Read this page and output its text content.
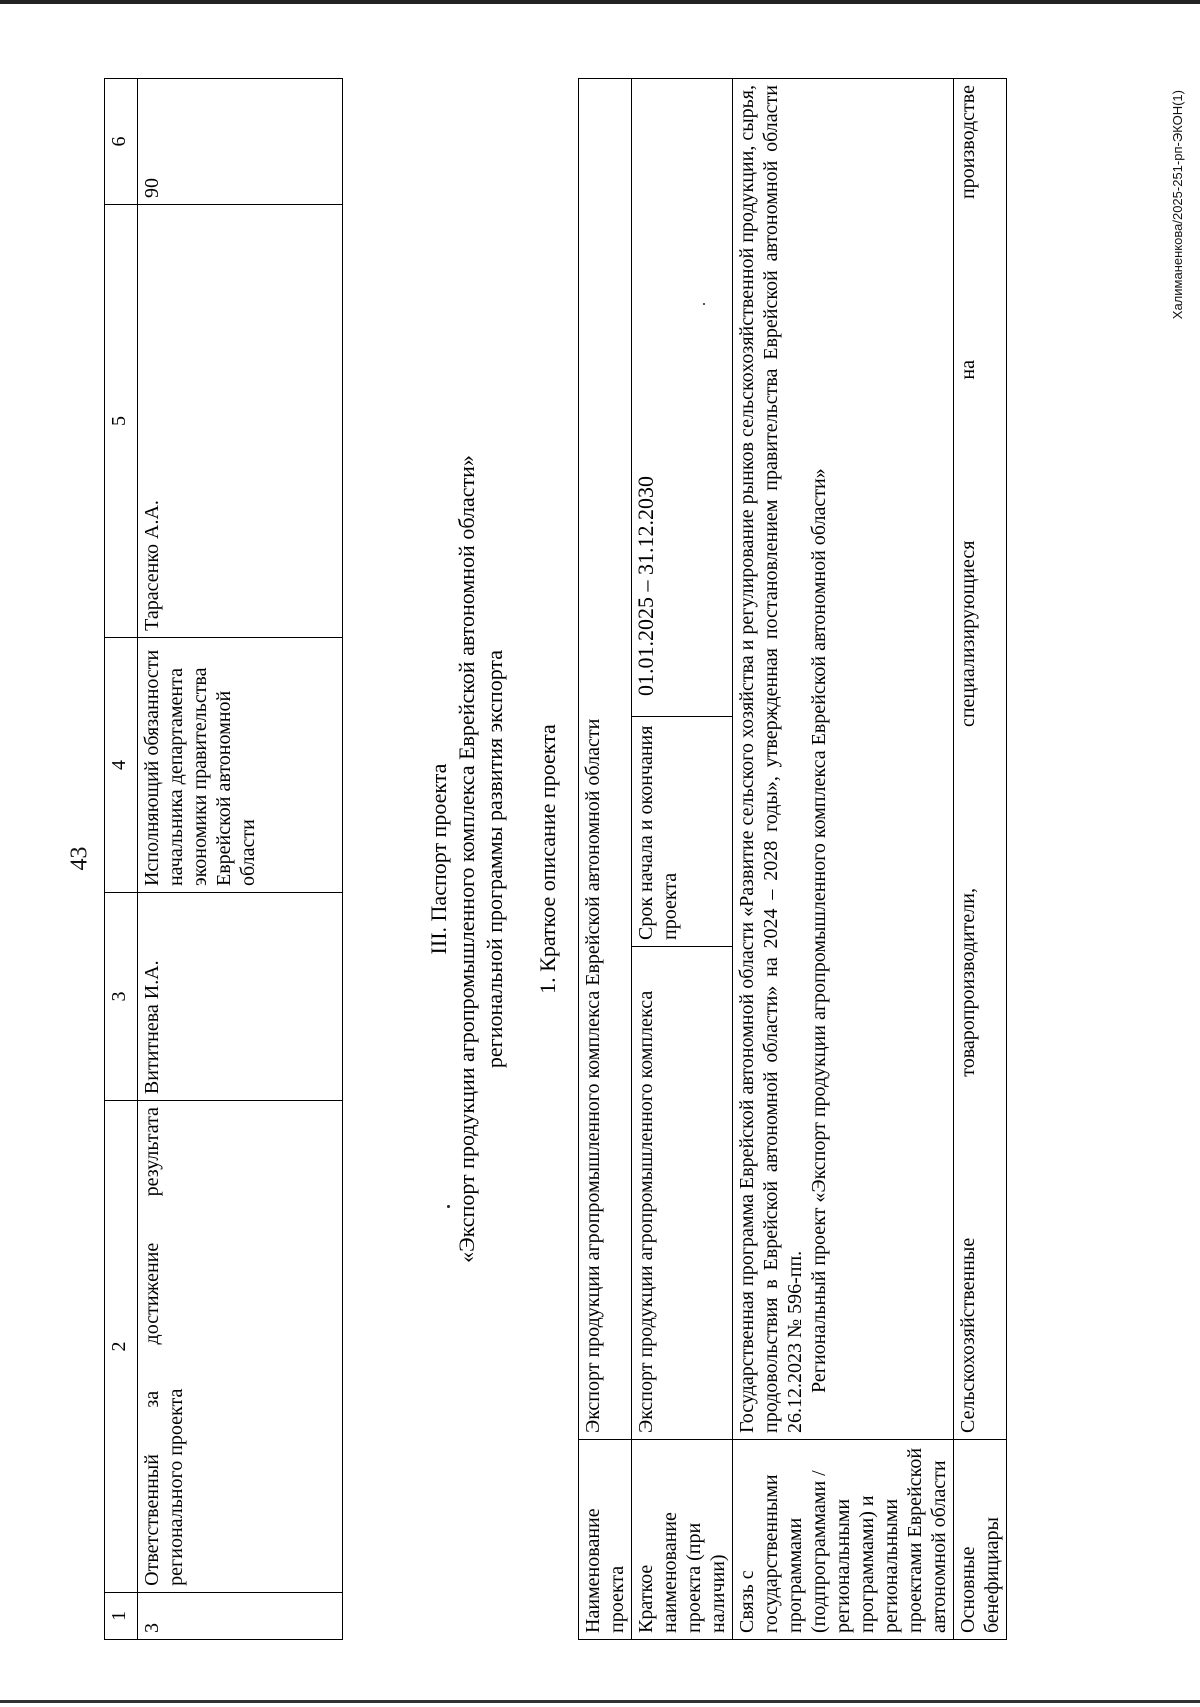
43
1	2	3	4	5	6
3	Ответственный за достижение результата регионального проекта	Вититнева И.А.	Исполняющий обязанности начальника департамента экономики правительства Еврейской автономной области	Тарасенко А.А.	90
III. Паспорт проекта «Экспорт продукции агропромышленного комплекса Еврейской автономной области» региональной программы развития экспорта 1. Краткое описание проекта
Наименование проекта	Экспорт продукции агропромышленного комплекса Еврейской автономной области		
Краткое наименование проекта (при наличии)	Экспорт продукции агропромышленного комплекса	Срок начала и окончания проекта	01.01.2025 – 31.12.2030
Связь с государственными программами (подпрограммами / региональными программами) и региональными проектами Еврейской автономной области	Государственная программа Еврейской автономной области «Развитие сельского хозяйства и регулирование рынков сельскохозяйственной продукции, сырья, продовольствия в Еврейской автономной области» на 2024 – 2028 годы», утвержденная постановлением правительства Еврейской автономной области 26.12.2023 № 596-пп. Региональный проект «Экспорт продукции агропромышленного комплекса Еврейской автономной области»		

Основные бенефициары	Сельскохозяйственные товаропроизводители, специализирующиеся на производстве			Халиманенкова/2025-251-рп-ЭКОН(1)
